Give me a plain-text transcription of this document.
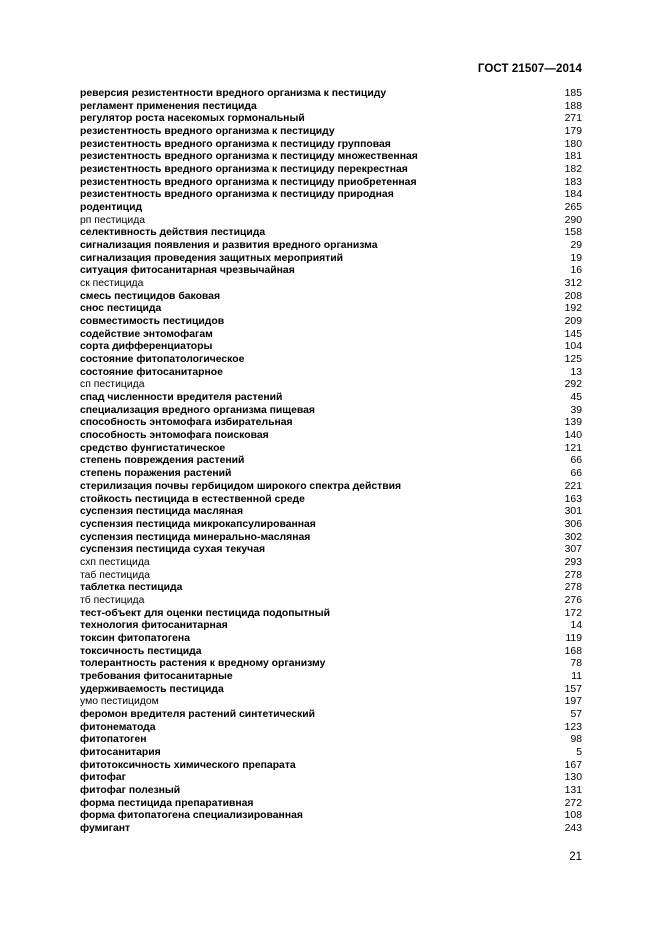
ГОСТ 21507—2014
реверсия резистентности вредного организма к пестициду	185
регламент применения пестицида	188
регулятор роста насекомых гормональный	271
резистентность вредного организма к пестициду	179
резистентность вредного организма к пестициду групповая	180
резистентность вредного организма к пестициду множественная	181
резистентность вредного организма к пестициду перекрестная	182
резистентность вредного организма к пестициду приобретенная	183
резистентность вредного организма к пестициду природная	184
родентицид	265
рп пестицида	290
селективность действия пестицида	158
сигнализация появления и развития вредного организма	29
сигнализация проведения защитных мероприятий	19
ситуация фитосанитарная чрезвычайная	16
ск пестицида	312
смесь пестицидов баковая	208
снос пестицида	192
совместимость пестицидов	209
содействие энтомофагам	145
сорта дифференциаторы	104
состояние фитопатологическое	125
состояние фитосанитарное	13
сп пестицида	292
спад численности вредителя растений	45
специализация вредного организма пищевая	39
способность энтомофага избирательная	139
способность энтомофага поисковая	140
средство фунгистатическое	121
степень повреждения растений	66
степень поражения растений	66
стерилизация почвы гербицидом широкого спектра действия	221
стойкость пестицида в естественной среде	163
суспензия пестицида масляная	301
суспензия пестицида микрокапсулированная	306
суспензия пестицида минерально-масляная	302
суспензия пестицида сухая текучая	307
схп пестицида	293
таб пестицида	278
таблетка пестицида	278
тб пестицида	276
тест-объект для оценки пестицида подопытный	172
технология фитосанитарная	14
токсин фитопатогена	119
токсичность пестицида	168
толерантность растения к вредному организму	78
требования фитосанитарные	11
удерживаемость пестицида	157
умо пестицидом	197
феромон вредителя растений синтетический	57
фитонематода	123
фитопатоген	98
фитосанитария	5
фитотоксичность химического препарата	167
фитофаг	130
фитофаг полезный	131
форма пестицида препаративная	272
форма фитопатогена специализированная	108
фумигант	243
21
